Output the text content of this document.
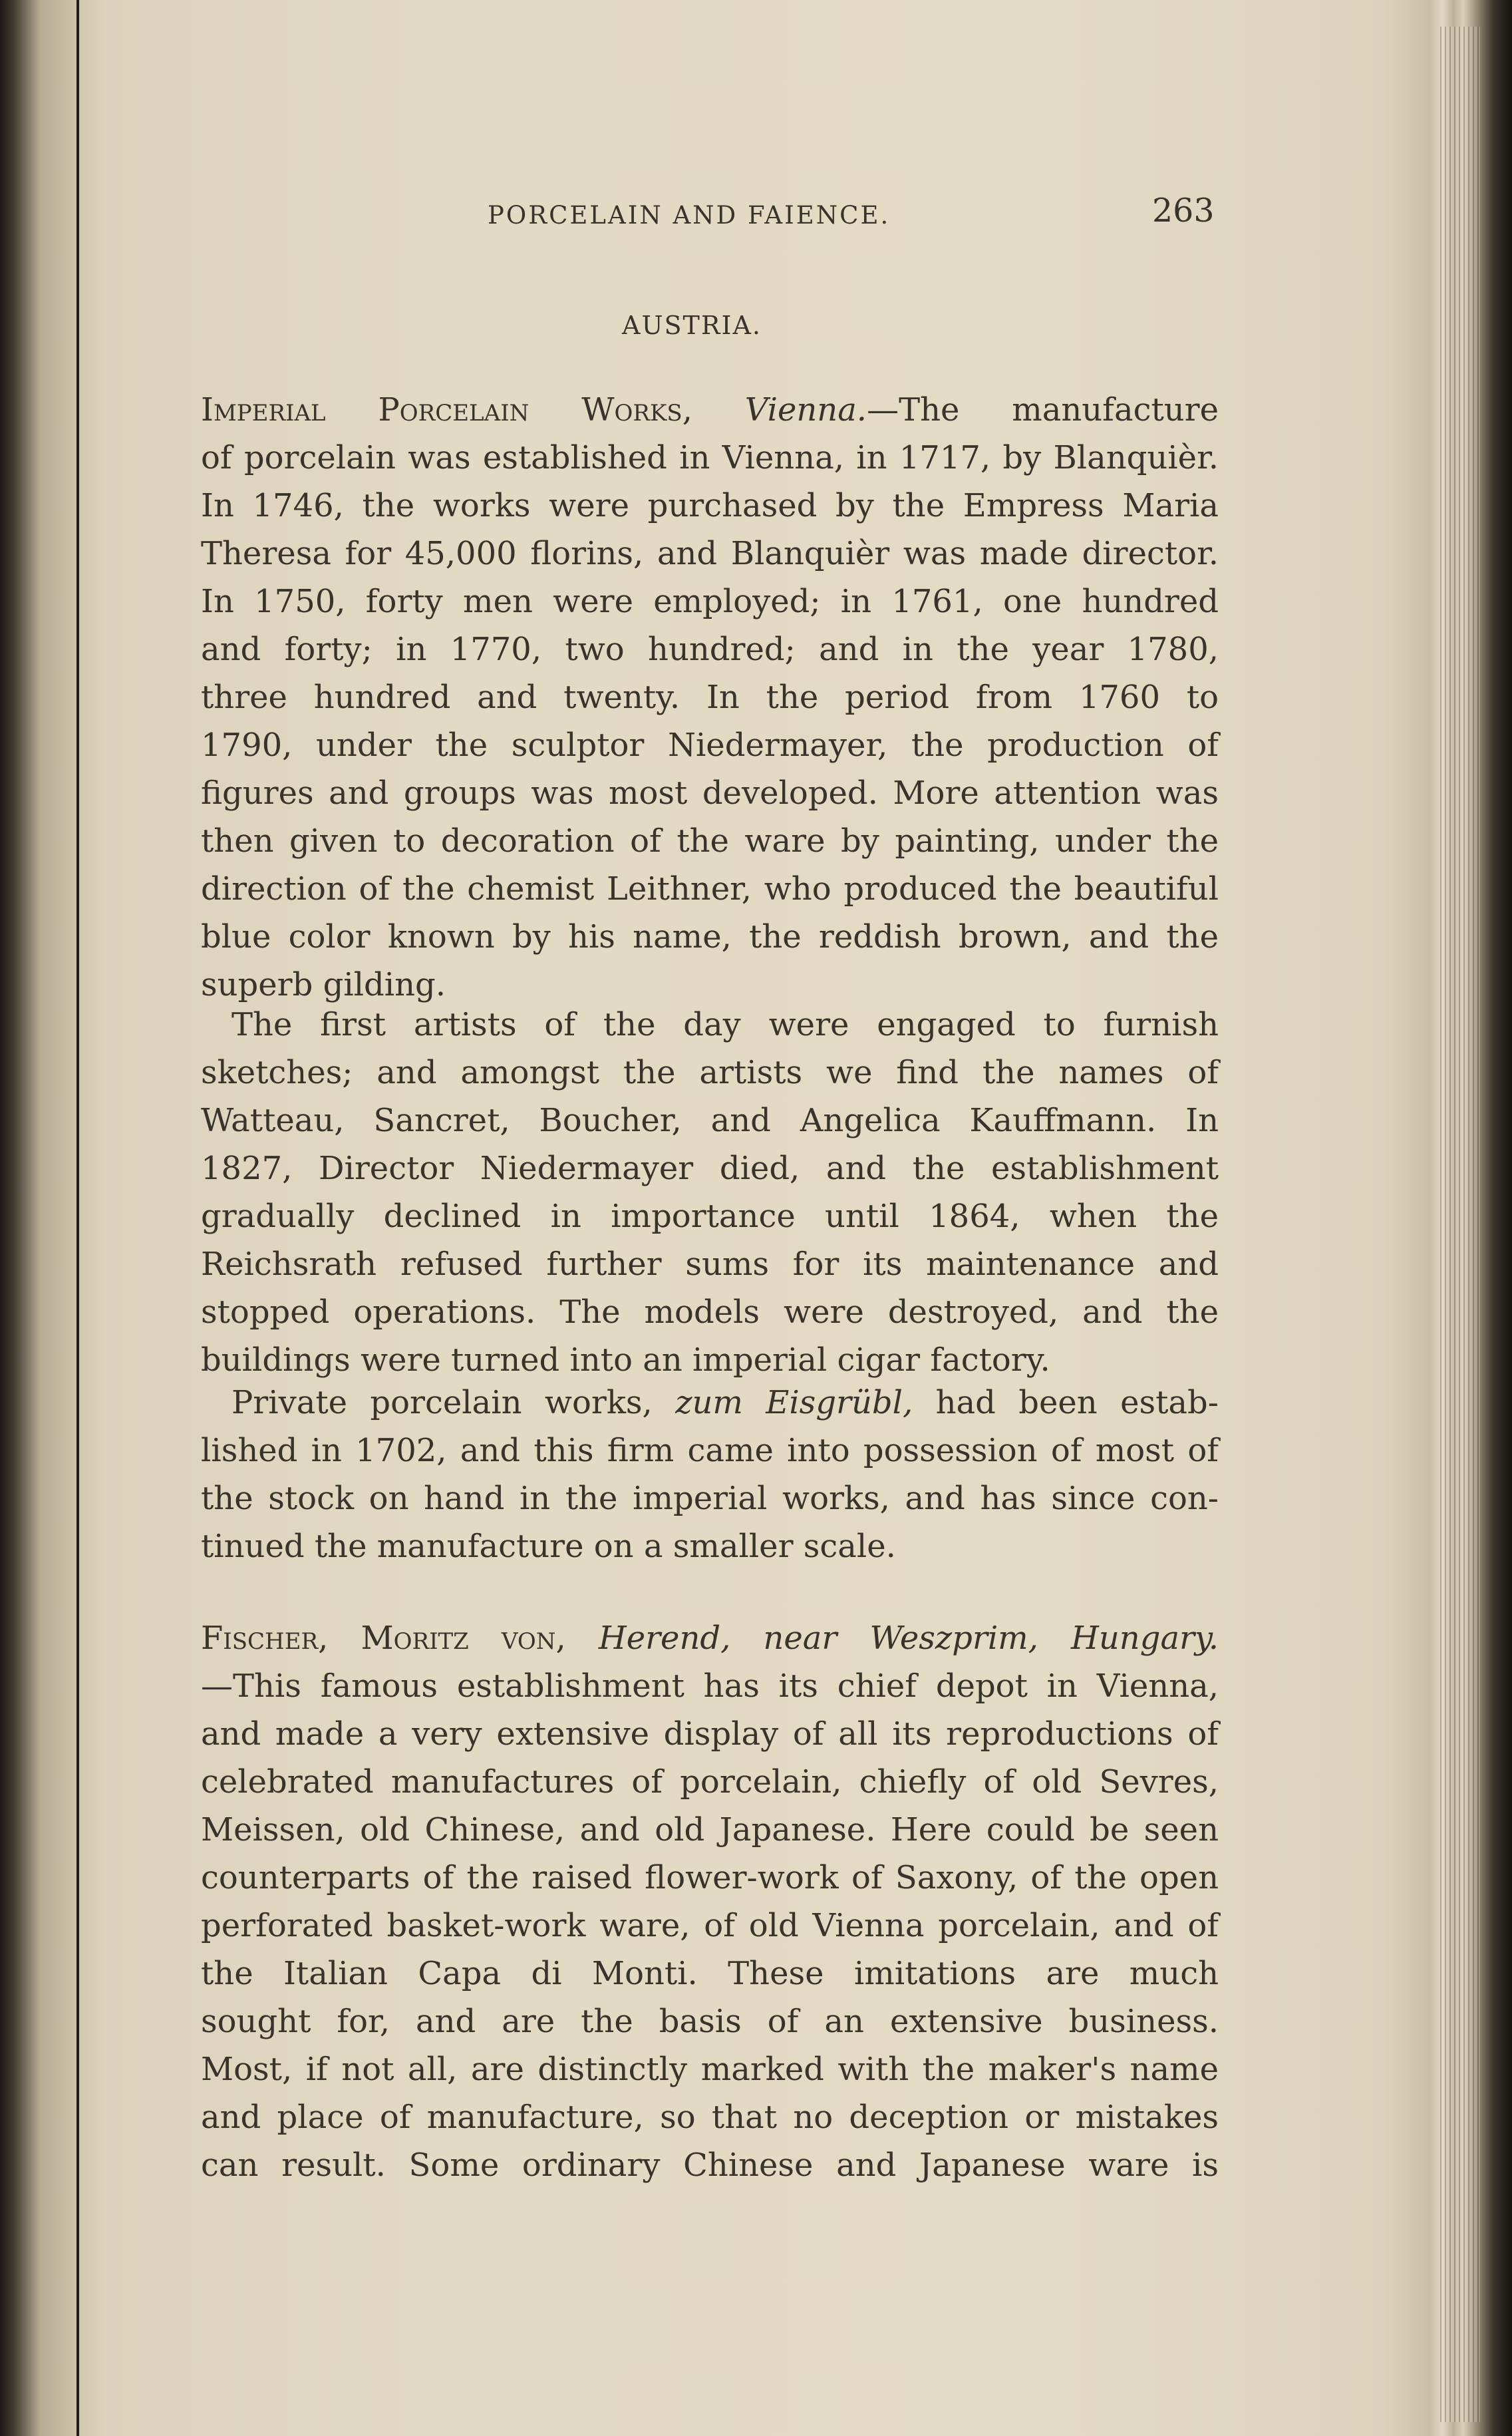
PORCELAIN AND FAIENCE.	263
AUSTRIA.
Imperial Porcelain Works, Vienna.—The manufacture
of porcelain was established in Vienna, in 1717, by Blanquièr.
In 1746, the works were purchased by the Empress Maria
Theresa for 45,000 florins, and Blanquièr was made director.
In 1750, forty men were employed; in 1761, one hundred
and forty; in 1770, two hundred; and in the year 1780,
three hundred and twenty. In the period from 1760 to
1790, under the sculptor Niedermayer, the production of
figures and groups was most developed. More attention was
then given to decoration of the ware by painting, under the
direction of the chemist Leithner, who produced the beautiful
blue color known by his name, the reddish brown, and the
superb gilding.
The first artists of the day were engaged to furnish
sketches; and amongst the artists we find the names of
Watteau, Sancret, Boucher, and Angelica Kauffmann. In
1827, Director Niedermayer died, and the establishment
gradually declined in importance until 1864, when the
Reichsrath refused further sums for its maintenance and
stopped operations. The models were destroyed, and the
buildings were turned into an imperial cigar factory.
Private porcelain works, zum Eisgrübl, had been estab-
lished in 1702, and this firm came into possession of most of
the stock on hand in the imperial works, and has since con-
tinued the manufacture on a smaller scale.
Fischer, Moritz von, Herend, near Weszprim, Hungary.
—This famous establishment has its chief depot in Vienna,
and made a very extensive display of all its reproductions of
celebrated manufactures of porcelain, chiefly of old Sevres,
Meissen, old Chinese, and old Japanese. Here could be seen
counterparts of the raised flower-work of Saxony, of the open
perforated basket-work ware, of old Vienna porcelain, and of
the Italian Capa di Monti. These imitations are much
sought for, and are the basis of an extensive business.
Most, if not all, are distinctly marked with the maker's name
and place of manufacture, so that no deception or mistakes
can result. Some ordinary Chinese and Japanese ware is
